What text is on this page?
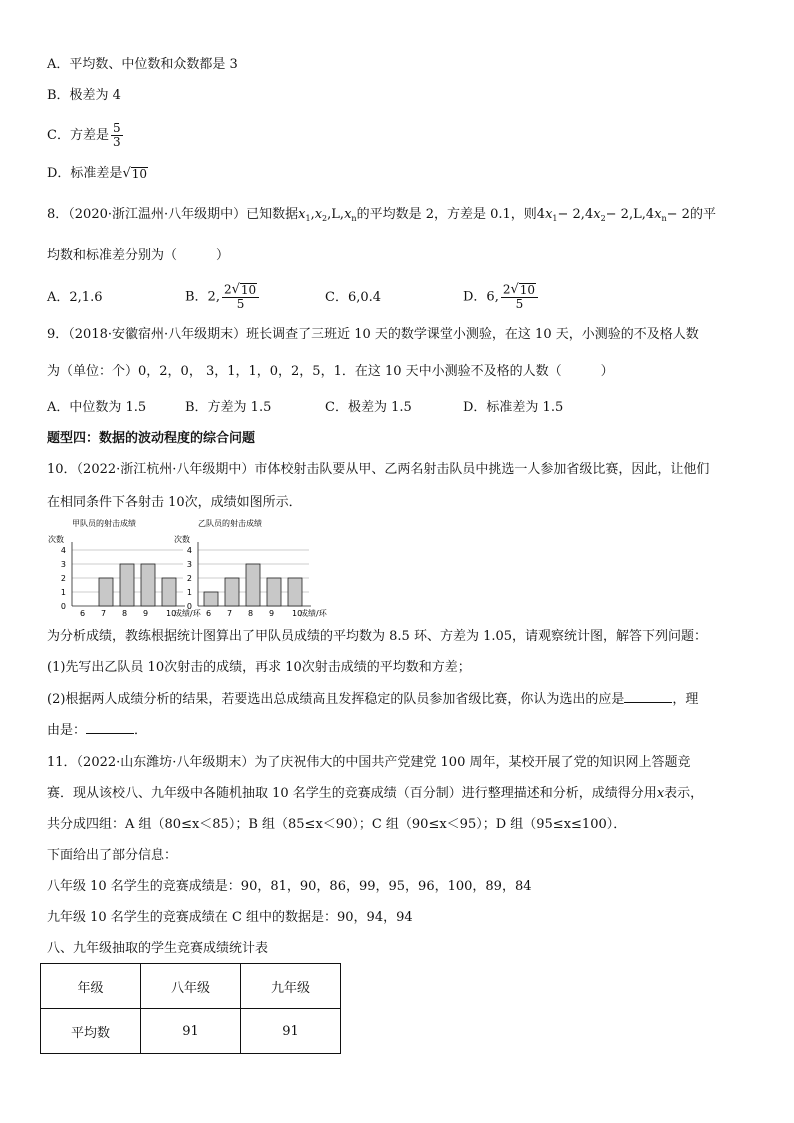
A．平均数、中位数和众数都是 3
B．极差为 4
C．方差是 $\frac{5}{3}$
D．标准差是 √ 10
8．（2020·浙江温州·八年级期中）已知数据$x_1,x_2,L,x_n$的平均数是 2，方差是 0.1，则$4x_1- 2,4x_2- 2,L,4x_n- 2$的平
均数和标准差分别为（　　　）
A．2,1.6	B．2, $\frac{2 √ 10}{5}$	C．6,0.4	D．6, $\frac{2 √ 10}{5}$
9．（2018·安徽宿州·八年级期末）班长调查了三班近 10 天的数学课堂小测验，在这 10 天，小测验的不及格人数
为（单位：个）0，2，0， 3，1，1，0，2，5，1．在这 10 天中小测验不及格的人数（　　　）
A．中位数为 1.5	B．方差为 1.5	C．极差为 1.5	D．标准差为 1.5
题型四：数据的波动程度的综合问题
10．（2022·浙江杭州·八年级期中）市体校射击队要从甲、乙两名射击队员中挑选一人参加省级比赛，因此，让他们
在相同条件下各射击 10次，成绩如图所示．
甲队员的射击成绩
次数
0
1
2
3
4
6 7 8 9 10
成绩/环
乙队员的射击成绩
次数
0
1
2
3
4
6 7 8 9 10
成绩/环
为分析成绩，教练根据统计图算出了甲队员成绩的平均数为 8.5 环、方差为 1.05，请观察统计图，解答下列问题：
(1)先写出乙队员 10次射击的成绩，再求 10次射击成绩的平均数和方差；
(2)根据两人成绩分析的结果，若要选出总成绩高且发挥稳定的队员参加省级比赛，你认为选出的应是	，理
由是：	．
11．（2022·山东潍坊·八年级期末）为了庆祝伟大的中国共产党建党 100 周年，某校开展了党的知识网上答题竞
赛．现从该校八、九年级中各随机抽取 10 名学生的竞赛成绩（百分制）进行整理描述和分析，成绩得分用x表示，
共分成四组：A 组（80≤x＜85）；B 组（85≤x＜90）；C 组（90≤x＜95）；D 组（95≤x≤100）．
下面给出了部分信息：
八年级 10 名学生的竞赛成绩是：90，81，90，86，99，95，96，100，89，84
九年级 10 名学生的竞赛成绩在 C 组中的数据是：90，94，94
八、九年级抽取的学生竞赛成绩统计表
年级	八年级	九年级
平均数	91	91
